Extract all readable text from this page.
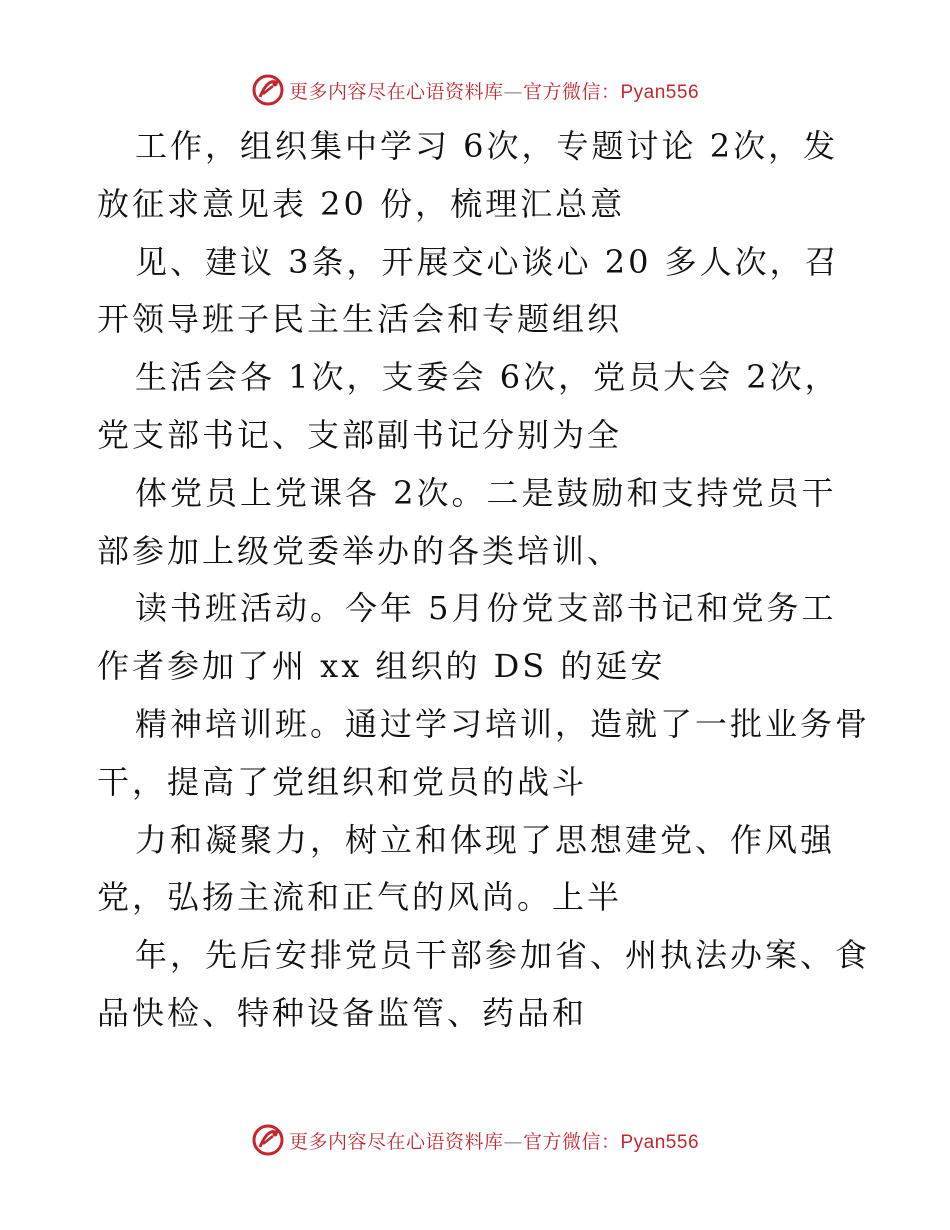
更多内容尽在心语资料库—官方微信：Pyan556
工作，组织集中学习 6次，专题讨论 2次，发
放征求意见表 20 份，梳理汇总意
见、建议 3条，开展交心谈心 20 多人次，召
开领导班子民主生活会和专题组织
生活会各 1次，支委会 6次，党员大会 2次，
党支部书记、支部副书记分别为全
体党员上党课各 2次。二是鼓励和支持党员干
部参加上级党委举办的各类培训、
读书班活动。今年 5月份党支部书记和党务工
作者参加了州 xx 组织的 DS 的延安
精神培训班。通过学习培训，造就了一批业务骨
干，提高了党组织和党员的战斗
力和凝聚力，树立和体现了思想建党、作风强
党，弘扬主流和正气的风尚。上半
年，先后安排党员干部参加省、州执法办案、食
品快检、特种设备监管、药品和
更多内容尽在心语资料库—官方微信：Pyan556
